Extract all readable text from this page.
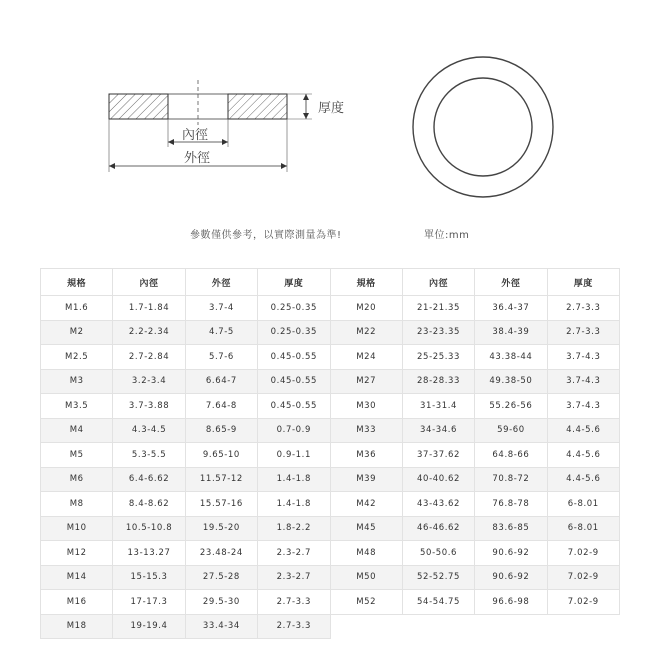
厚度
內徑
外徑
參數僅供參考，以實際測量為準!	單位:mm
規格	內徑	外徑	厚度	規格	內徑	外徑	厚度
M1.6	1.7-1.84	3.7-4	0.25-0.35	M20	21-21.35	36.4-37	2.7-3.3
M2	2.2-2.34	4.7-5	0.25-0.35	M22	23-23.35	38.4-39	2.7-3.3
M2.5	2.7-2.84	5.7-6	0.45-0.55	M24	25-25.33	43.38-44	3.7-4.3
M3	3.2-3.4	6.64-7	0.45-0.55	M27	28-28.33	49.38-50	3.7-4.3
M3.5	3.7-3.88	7.64-8	0.45-0.55	M30	31-31.4	55.26-56	3.7-4.3
M4	4.3-4.5	8.65-9	0.7-0.9	M33	34-34.6	59-60	4.4-5.6
M5	5.3-5.5	9.65-10	0.9-1.1	M36	37-37.62	64.8-66	4.4-5.6
M6	6.4-6.62	11.57-12	1.4-1.8	M39	40-40.62	70.8-72	4.4-5.6
M8	8.4-8.62	15.57-16	1.4-1.8	M42	43-43.62	76.8-78	6-8.01
M10	10.5-10.8	19.5-20	1.8-2.2	M45	46-46.62	83.6-85	6-8.01
M12	13-13.27	23.48-24	2.3-2.7	M48	50-50.6	90.6-92	7.02-9
M14	15-15.3	27.5-28	2.3-2.7	M50	52-52.75	90.6-92	7.02-9
M16	17-17.3	29.5-30	2.7-3.3	M52	54-54.75	96.6-98	7.02-9
M18	19-19.4	33.4-34	2.7-3.3				
